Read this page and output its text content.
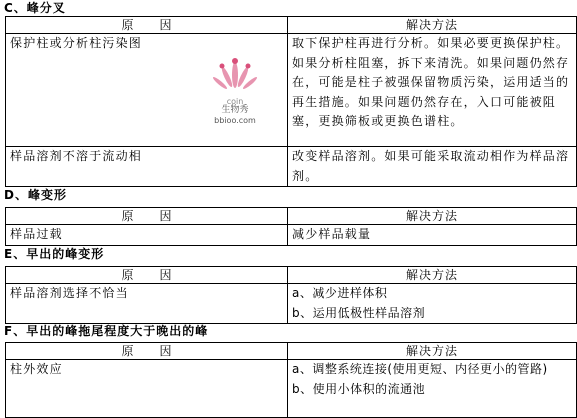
C、峰分叉
原 因	解决方法
保护柱或分析柱污染图	取下保护柱再进行分析。如果必要更换保护柱。如果分析柱阻塞，拆下来清洗。如果问题仍然存在，可能是柱子被强保留物质污染，运用适当的再生措施。如果问题仍然存在，入口可能被阻塞，更换筛板或更换色谱柱。
样品溶剂不溶于流动相	改变样品溶剂。如果可能采取流动相作为样品溶剂。
coin
生物秀
bbioo.com
D、峰变形
原 因	解决方法
样品过载	减少样品载量
E、早出的峰变形
原 因	解决方法
样品溶剂选择不恰当	a、减少进样体积
b、运用低极性样品溶剂
F、早出的峰拖尾程度大于晚出的峰
原 因	解决方法
柱外效应	a、调整系统连接(使用更短、内径更小的管路)
b、使用小体积的流通池
